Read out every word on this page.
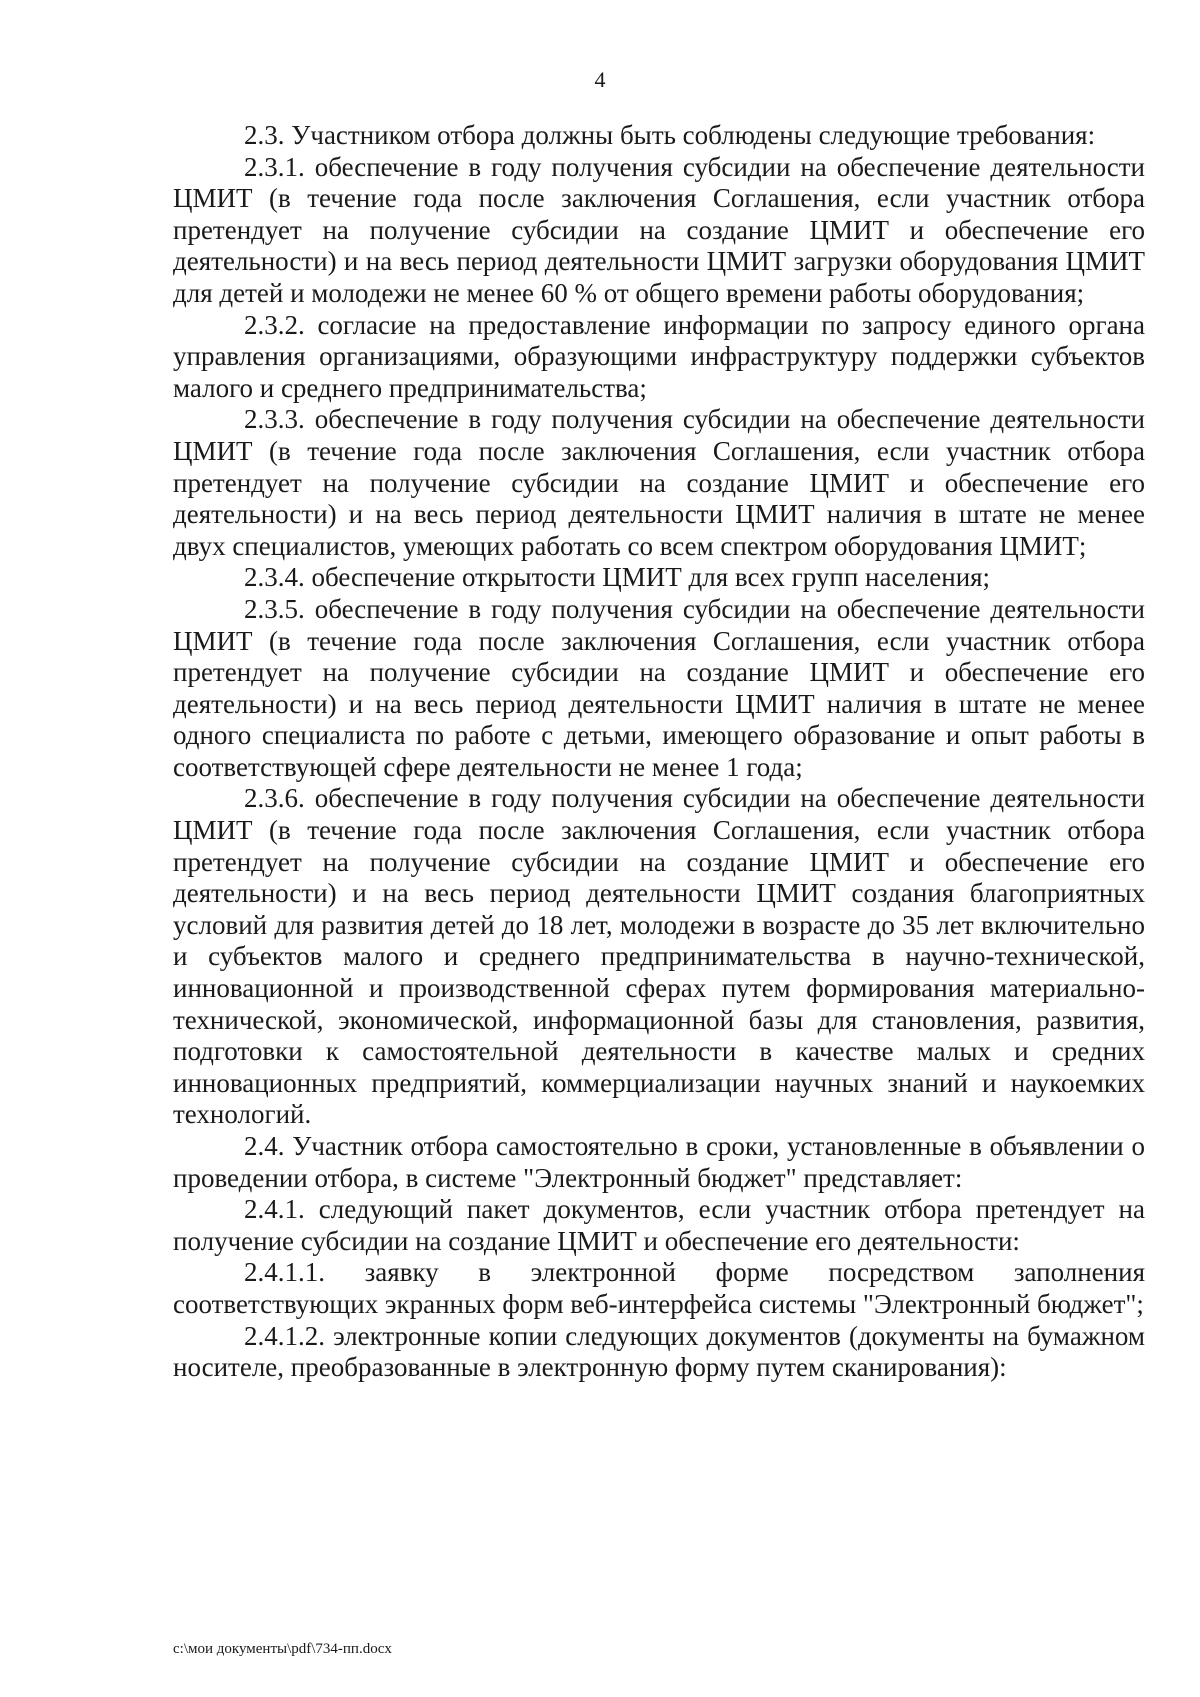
4

2.3. Участником отбора должны быть соблюдены следующие требования:

2.3.1. обеспечение в году получения субсидии на обеспечение деятельности ЦМИТ (в течение года после заключения Соглашения, если участник отбора претендует на получение субсидии на создание ЦМИТ и обеспечение его деятельности) и на весь период деятельности ЦМИТ загрузки оборудования ЦМИТ для детей и молодежи не менее 60 % от общего времени работы оборудования;

2.3.2. согласие на предоставление информации по запросу единого органа управления организациями, образующими инфраструктуру поддержки субъектов малого и среднего предпринимательства;

2.3.3. обеспечение в году получения субсидии на обеспечение деятельности ЦМИТ (в течение года после заключения Соглашения, если участник отбора претендует на получение субсидии на создание ЦМИТ и обеспечение его деятельности) и на весь период деятельности ЦМИТ наличия в штате не менее двух специалистов, умеющих работать со всем спектром оборудования ЦМИТ;

2.3.4. обеспечение открытости ЦМИТ для всех групп населения;

2.3.5. обеспечение в году получения субсидии на обеспечение деятельности ЦМИТ (в течение года после заключения Соглашения, если участник отбора претендует на получение субсидии на создание ЦМИТ и обеспечение его деятельности) и на весь период деятельности ЦМИТ наличия в штате не менее одного специалиста по работе с детьми, имеющего образование и опыт работы в соответствующей сфере деятельности не менее 1 года;

2.3.6. обеспечение в году получения субсидии на обеспечение деятельности ЦМИТ (в течение года после заключения Соглашения, если участник отбора претендует на получение субсидии на создание ЦМИТ и обеспечение его деятельности) и на весь период деятельности ЦМИТ создания благоприятных условий для развития детей до 18 лет, молодежи в возрасте до 35 лет включительно и субъектов малого и среднего предпринимательства в научно-технической, инновационной и производственной сферах путем формирования материально-технической, экономической, информационной базы для становления, развития, подготовки к самостоятельной деятельности в качестве малых и средних инновационных предприятий, коммерциализации научных знаний и наукоемких технологий.

2.4. Участник отбора самостоятельно в сроки, установленные в объявлении о проведении отбора, в системе "Электронный бюджет" представляет:

2.4.1. следующий пакет документов, если участник отбора претендует на получение субсидии на создание ЦМИТ и обеспечение его деятельности:

2.4.1.1. заявку в электронной форме посредством заполнения соответствующих экранных форм веб-интерфейса системы "Электронный бюджет";

2.4.1.2. электронные копии следующих документов (документы на бумажном носителе, преобразованные в электронную форму путем сканирования):

c:\мои документы\pdf\734-пп.docx
